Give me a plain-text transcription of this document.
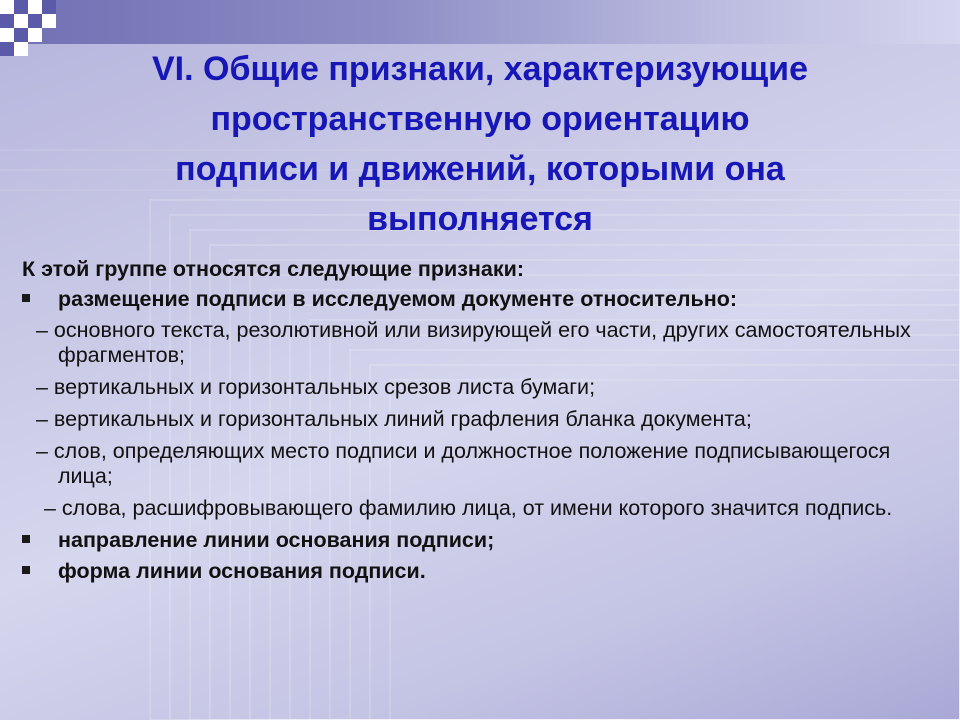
VI. Общие признаки, характеризующие
пространственную ориентацию
подписи и движений, которыми она
выполняется

К этой группе относятся следующие признаки:

размещение подписи в исследуемом документе относительно:

– основного текста, резолютивной или визирующей его части, других самостоятельных фрагментов;

– вертикальных и горизонтальных срезов листа бумаги;

– вертикальных и горизонтальных линий графления бланка документа;

– слов, определяющих место подписи и должностное положение подписывающегося лица;

– слова, расшифровывающего фамилию лица, от имени которого значится подпись.

направление линии основания подписи;
форма линии основания подписи.
